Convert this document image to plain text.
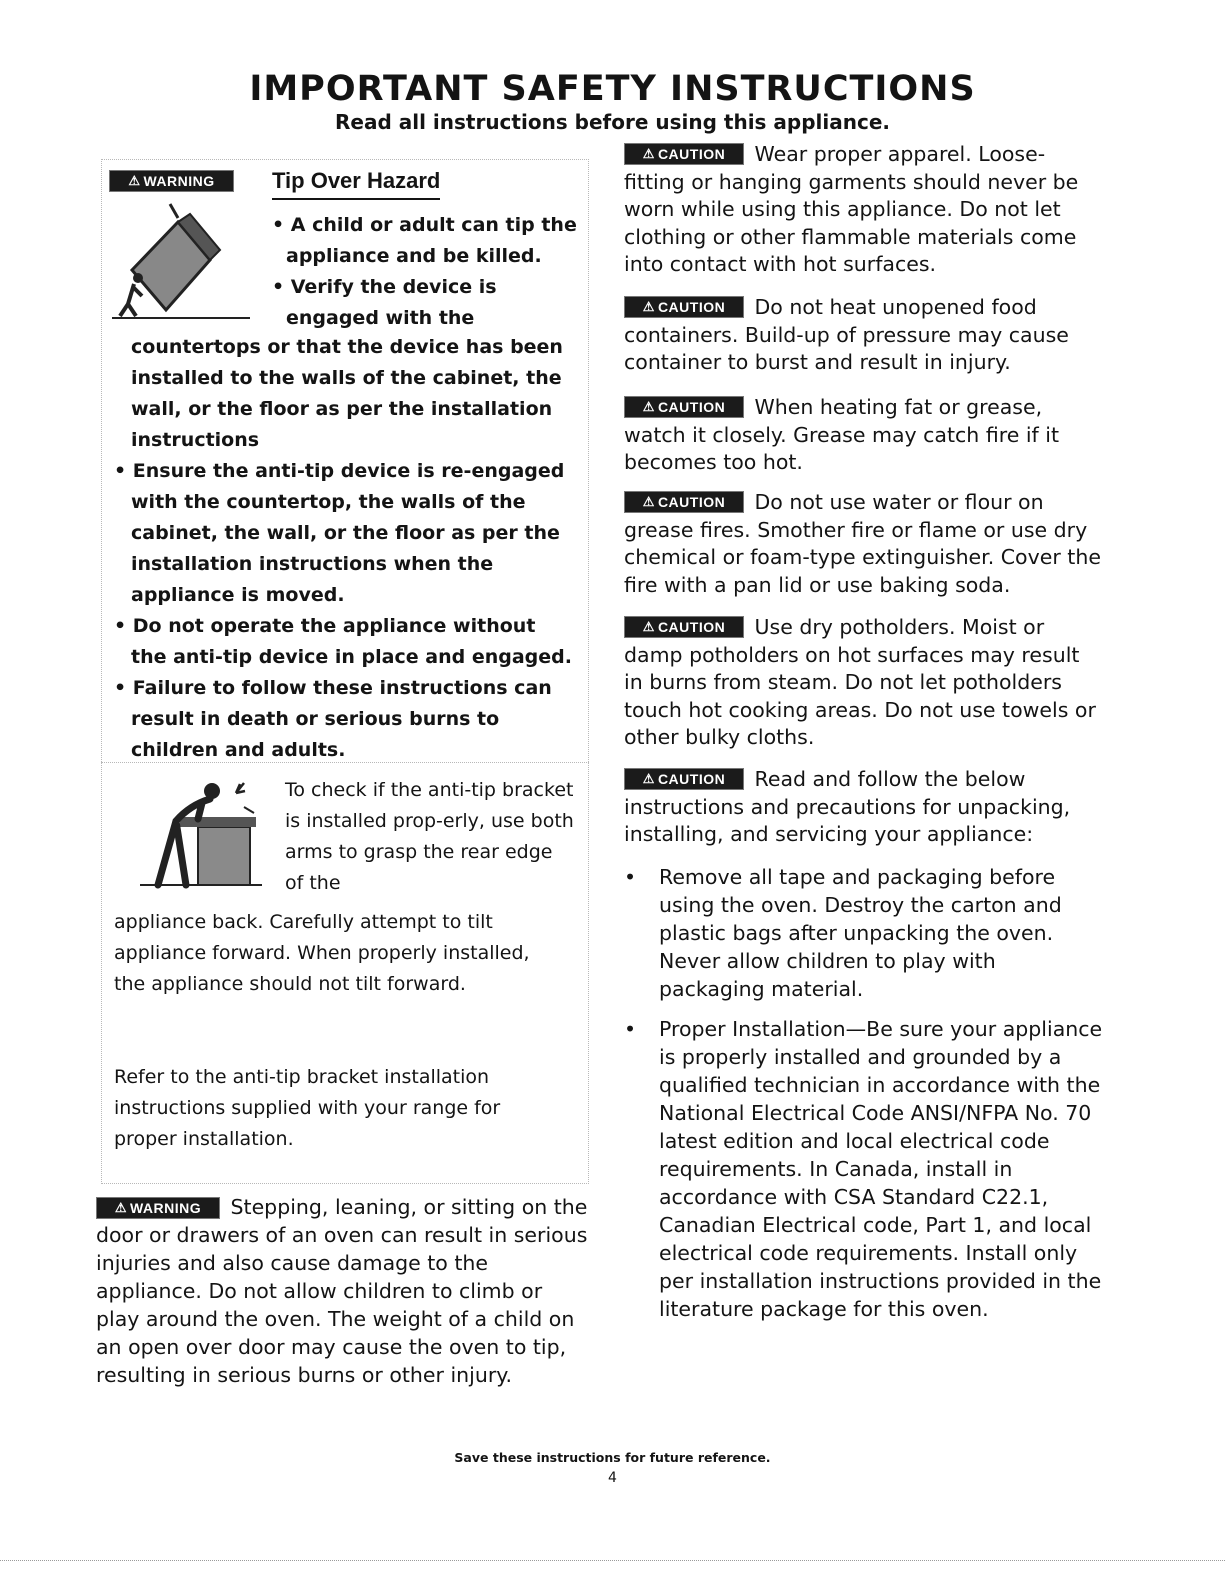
IMPORTANT SAFETY INSTRUCTIONS
Read all instructions before using this appliance.
⚠ WARNING	Tip Over Hazard
• A child or adult can tip the appliance and be killed.
• Verify the device is engaged with the

countertops or that the device has been installed to the walls of the cabinet, the wall, or the floor as per the installation instructions

• Ensure the anti-tip device is re-engaged with the countertop, the walls of the cabinet, the wall, or the floor as per the installation instructions when the appliance is moved.
• Do not operate the appliance without the anti-tip device in place and engaged.
• Failure to follow these instructions can result in death or serious burns to children and adults.

To check if the anti-tip bracket is installed prop-erly, use both arms to grasp the rear edge of the

appliance back. Carefully attempt to tilt appliance forward. When properly installed, the appliance should not tilt forward.

Refer to the anti-tip bracket installation instructions supplied with your range for proper installation.

⚠ WARNING	Stepping, leaning, or sitting on the door or drawers of an oven can result in serious injuries and also cause damage to the appliance. Do not allow children to climb or play around the oven. The weight of a child on an open over door may cause the oven to tip, resulting in serious burns or other injury.

⚠ CAUTION	Wear proper apparel. Loose-fitting or hanging garments should never be worn while using this appliance. Do not let clothing or other flammable materials come into contact with hot surfaces.

⚠ CAUTION	Do not heat unopened food containers. Build-up of pressure may cause container to burst and result in injury.

⚠ CAUTION	When heating fat or grease, watch it closely. Grease may catch fire if it becomes too hot.

⚠ CAUTION	Do not use water or flour on grease fires. Smother fire or flame or use dry chemical or foam-type extinguisher. Cover the fire with a pan lid or use baking soda.

⚠ CAUTION	Use dry potholders. Moist or damp potholders on hot surfaces may result in burns from steam. Do not let potholders touch hot cooking areas. Do not use towels or other bulky cloths.

⚠ CAUTION	Read and follow the below instructions and precautions for unpacking, installing, and servicing your appliance:

• Remove all tape and packaging before using the oven. Destroy the carton and plastic bags after unpacking the oven. Never allow children to play with packaging material.
• Proper Installation—Be sure your appliance is properly installed and grounded by a qualified technician in accordance with the National Electrical Code ANSI/NFPA No. 70 latest edition and local electrical code requirements. In Canada, install in accordance with CSA Standard C22.1, Canadian Electrical code, Part 1, and local electrical code requirements. Install only per installation instructions provided in the literature package for this oven.

Save these instructions for future reference.

4
